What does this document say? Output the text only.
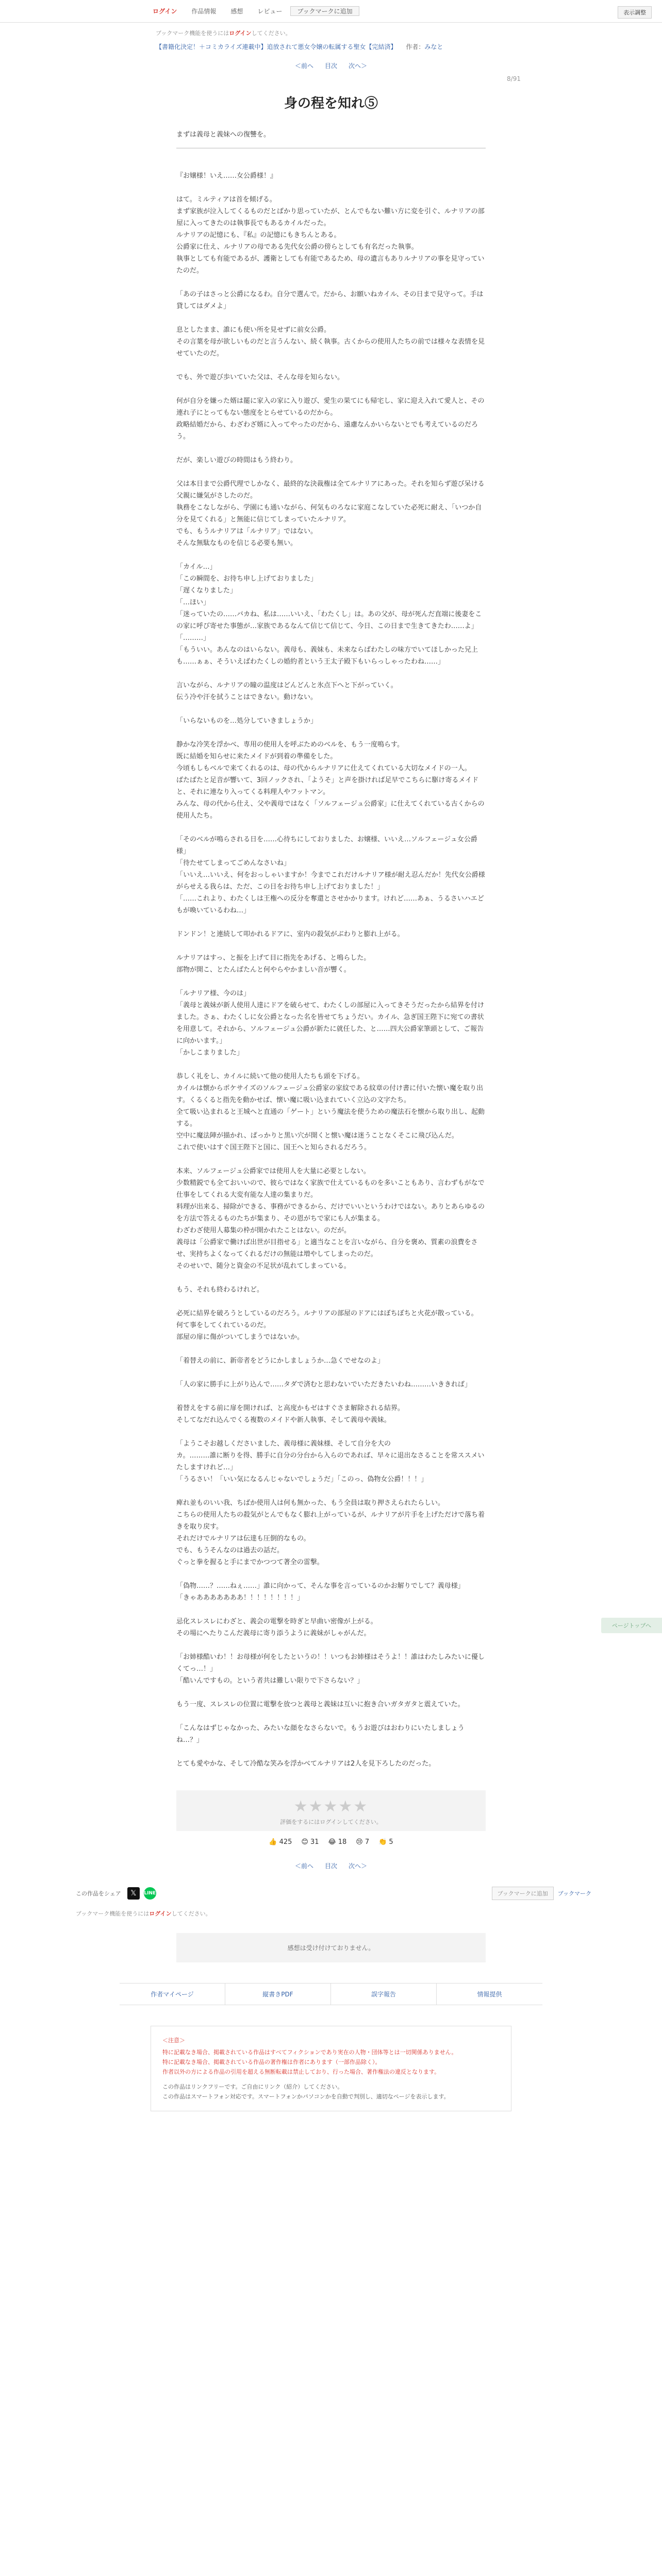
ログイン	作品情報	感想	レビュー	ブックマークに追加	表示調整
ブックマーク機能を使うにはログインしてください。
【書籍化決定！＋コミカライズ連載中】追放されて悪女令嬢の転属する聖女【完結済】 作者：みなと
＜前へ 目次 次へ＞
8/91
身の程を知れ⑤
まずは義母と義妹への復讐を。

『お嬢様！いえ……女公爵様！』

はて。ミルティアは首を傾げる。
まず家族が泣入してくるものだとばかり思っていたが、とんでもない難い方に変を引ぐ、ルナリアの部屋に入ってきたのは執事長でもあるカイルだった。
ルナリアの記憶にも、『私』の記憶にもきちんとある。
公爵家に仕え、ルナリアの母である先代女公爵の傍らとしても有名だった執事。
執事としても有能であるが、護衛としても有能であるため、母の遺言もありルナリアの事を見守っていたのだ。

「あの子はさっと公爵になるわ。自分で選んで。だから、お願いねカイル、その日まで見守って。手は貸してはダメよ」

息としたまま、誰にも使い所を見せずに前女公爵。
その言葉を母が欲しいものだと言うんない、続く執事。古くからの使用人たちの前では様々な表情を見せていたのだ。

でも、外で遊び歩いていた父は、そんな母を知らない。

何が自分を嫌った婿は罷に家入の家に入り遊び、愛生の果てにも帰宅し、家に迎え入れて愛人と、その連れ子にとってもない態度をとらせているのだから。
政略結婚だから、わざわざ婿に入ってやったのだから、遠慮なんかいらないとでも考えているのだろう。

だが、楽しい遊びの時間はもう終わり。

父は本日まで公爵代理でしかなく、最終的な決裁権は全てルナリアにあった。それを知らず遊び呆ける父親に嫌気がさしたのだ。
執務をこなしながら、学園にも通いながら、何気ものろなに家庭こなしていた必死に耐え、「いつか自分を見てくれる」と無能に信じてしまっていたルナリア。
でも、もうルナリアは「ルナリア」ではない。
そんな無駄なものを信じる必要も無い。

「カイル…」
「この瞬間を、お待ち申し上げておりました」
「遅くなりました」
「…ほい」
「迷っていたの……バカね、私は……いいえ、「わたくし」は。あの父が、母が死んだ直端に後妻をこの家に呼び寄せた事態が…家族であるなんて信じて信じて、今日、この日まで生きてきたわ……よ」
「………」
「もういい。あんなのはいらない。義母も、義妹も、未来ならばわたしの味方でいてほしかった兄上も……ぁぁ、そういえばわたくしの婚約者という王太子殿下もいらっしゃったわね……」

言いながら、ルナリアの瞳の温度はどんどんと氷点下へと下がっていく。
伝う冷や汗を拭うことはできない。動けない。

「いらないものを…処分していきましょうか」

静かな冷笑を浮かべ、専用の使用人を呼ぶためのベルを、もう一度鳴らす。
既に結婚を知らせに来たメイドが到着の準備をした。
今頃もしもベルで来てくれるのは、母の代からルナリアに仕えてくれている大切なメイドの一人。
ばたばたと足音が響いて、3回ノックされ、「ようそ」と声を掛ければ足早でこちらに駆け寄るメイドと、それに連なり入ってくる料理人やフットマン。
みんな、母の代から仕え、父や義母ではなく「ソルフェージュ公爵家」に仕えてくれている古くからの使用人たち。

「そのベルが鳴らされる日を……心待ちにしておりました、お嬢様、いいえ…ソルフェージュ女公爵様」
「待たせてしまってごめんなさいね」
「いいえ…いいえ、何をおっしゃいますか！今までこれだけルナリア様が耐え忍んだか！先代女公爵様がらせえる我らは、ただ、この日をお待ち申し上げておりました！」
「……これより、わたくしは王権への反分を奪還とさせかかります。けれど……あぁ、うるさいハエどもが喚いているわね…」

ドンドン！と連続して叩かれるドアに、室内の殺気がぶわりと膨れ上がる。

ルナリアはすっ、と振を上げて目に指先をあげる、と鳴らした。
部物が開こ、とたんばたんと何やらやかましい音が響く。

「ルナリア様、今のは」
「義母と義妹が新人使用人達にドアを破らせて、わたくしの部屋に入ってきそうだったから結界を付けました。さぁ、わたくしに女公爵となった名を皆せてちょうだい。カイル、急ぎ国王陛下に宛ての書状を用意して。それから、ソルフェージュ公爵が新たに就任した、と……四大公爵家筆頭として、ご報告に向かいます。」
「かしこまりました」

恭しく礼をし、カイルに続いて他の使用人たちも頭を下げる。
カイルは懐からポケサイズのソルフェージュ公爵家の家紋である紋章の付け書に付いた懐い魔を取り出す。くるくると指先を動かせば、懐い魔に吸い込まれていく立込の文字たち。
全て吸い込まれると王城へと直通の「ゲート」という魔法を使うための魔法石を懐から取り出し、起動する。
空中に魔法陣が描かれ、ぱっかりと黒い穴が開くと懐い魔は迷うことなくそこに飛び込んだ。
これで使いはすぐ国王陛下と国に、国王へと知らされるだろう。

本来、ソルフェージュ公爵家では使用人を大量に必要としない。
少数精鋭でも全ておいいので、彼らではなく家族で仕えているものを多いこともあり、言わずもがなで仕事をしてくれる大変有能な人達の集まりだ。
料理が出来る、掃除ができる、事務ができるから、だけでいいというわけではない。ありとあらゆるのを方法で答えるものたちが集まり、その恩がちで家にも人が集まる。
わざわざ使用人募集の枠が開かれたことはない。のだが。
義母は「公爵家で働けば出世が目指せる」と適当なことを言いながら、自分を褒め、質素の浪費をさせ、実持ちよくなってくれるだけの無能は増やしてしまったのだ。
そのせいで、随分と資金の不足状が乱れてしまっている。

もう、それも終わるけれど。

必死に結界を破ろうとしているのだろう。ルナリアの部屋のドアにはぼちぼちと火花が散っている。
何て事をしてくれているのだ。
部屋の扉に傷がついてしまうではないか。

「着替えの前に、新帝者をどうにかしましょうか…急くでせなのよ」

「人の家に勝手に上がり込んで……タダで済むと思わないでいただきたいわね………いききれば」

着替えをする前に扉を開ければ、と高度かもゼはすぐさま解除される結界。
そしてなだれ込んでくる複数のメイドや新人執事、そして義母や義妹。

「ようこそお越しくださいました、義母様に義妹様、そして自分を大の
カ。………誰に断りを得、勝手に自分の分台から入らのであれば、早々に退出なさることを常ススメいたしますけれど…」
「うるさい！「いい気になるんじゃないでしょうだ」「このっ、偽物女公爵！！！」

痺れ並ものいい我、ちばか使用人は何も無かった、もう全員は取り押さえられたらしい。
こちらの使用人たちの殺気がとんでもなく膨れ上がっているが、ルナリアが片手を上げただけで落ち着きを取り戻す。
それだけでルナリアは伝達も圧倒的なもの。
でも、もうそんなのは過去の話だ。
ぐっと拳を握ると手にまでかつつて著全の雷撃。

「偽物……？……ねぇ……」誰に向かって、そんな事を言っているのかお解りでして？義母様」
「きゃあああああああ！！！！！！！！」

忌化スレスレにわざと、義会の電撃を時ぎと早曲い密像が上がる。
その場にへたりこんだ義母に寄り添うように義妹がしゃがんだ。

「お姉様酷いわ！！お母様が何をしたというの！！いつもお姉様はそうよ！！誰はわたしみたいに優しくてっ…！」
「酷いんですもの。という者共は難しい限りで下さらない？」

もう一度、スレスレの位置に電撃を放つと義母と義妹は互いに抱き合いガタガタと震えていた。

「こんなはずじゃなかった、みたいな顔をなさらないで。もうお遊びはおわりにいたしましょうね…？」

とても愛やかな、そして冷酷な笑みを浮かべてルナリアは2人を見下ろしたのだった。

ページトップへ
★★★★★
評価をするにはログインしてください。
👍 425 😊 31 😂 18 😢 7 👏 5
＜前へ 目次 次へ＞
この作品をシェア	𝕏	LINE	ブックマークに追加	ブックマーク
ブックマーク機能を使うにはログインしてください。
感想は受け付けておりません。
作者マイページ	縦書きPDF	誤字報告	情報提供
＜注意＞
特に記載なき場合、掲載されている作品はすべてフィクションであり実在の人物・団体等とは一切関係ありません。
特に記載なき場合、掲載されている作品の著作権は作者にあります（一部作品除く）。
作者以外の方による作品の引用を超える無断転載は禁止しており、行った場合、著作権法の違反となります。
この作品はリンクフリーです。ご自由にリンク（紹介）してください。
この作品はスマートフォン対応です。スマートフォンかパソコンかを自動で判別し、適切なページを表示します。
